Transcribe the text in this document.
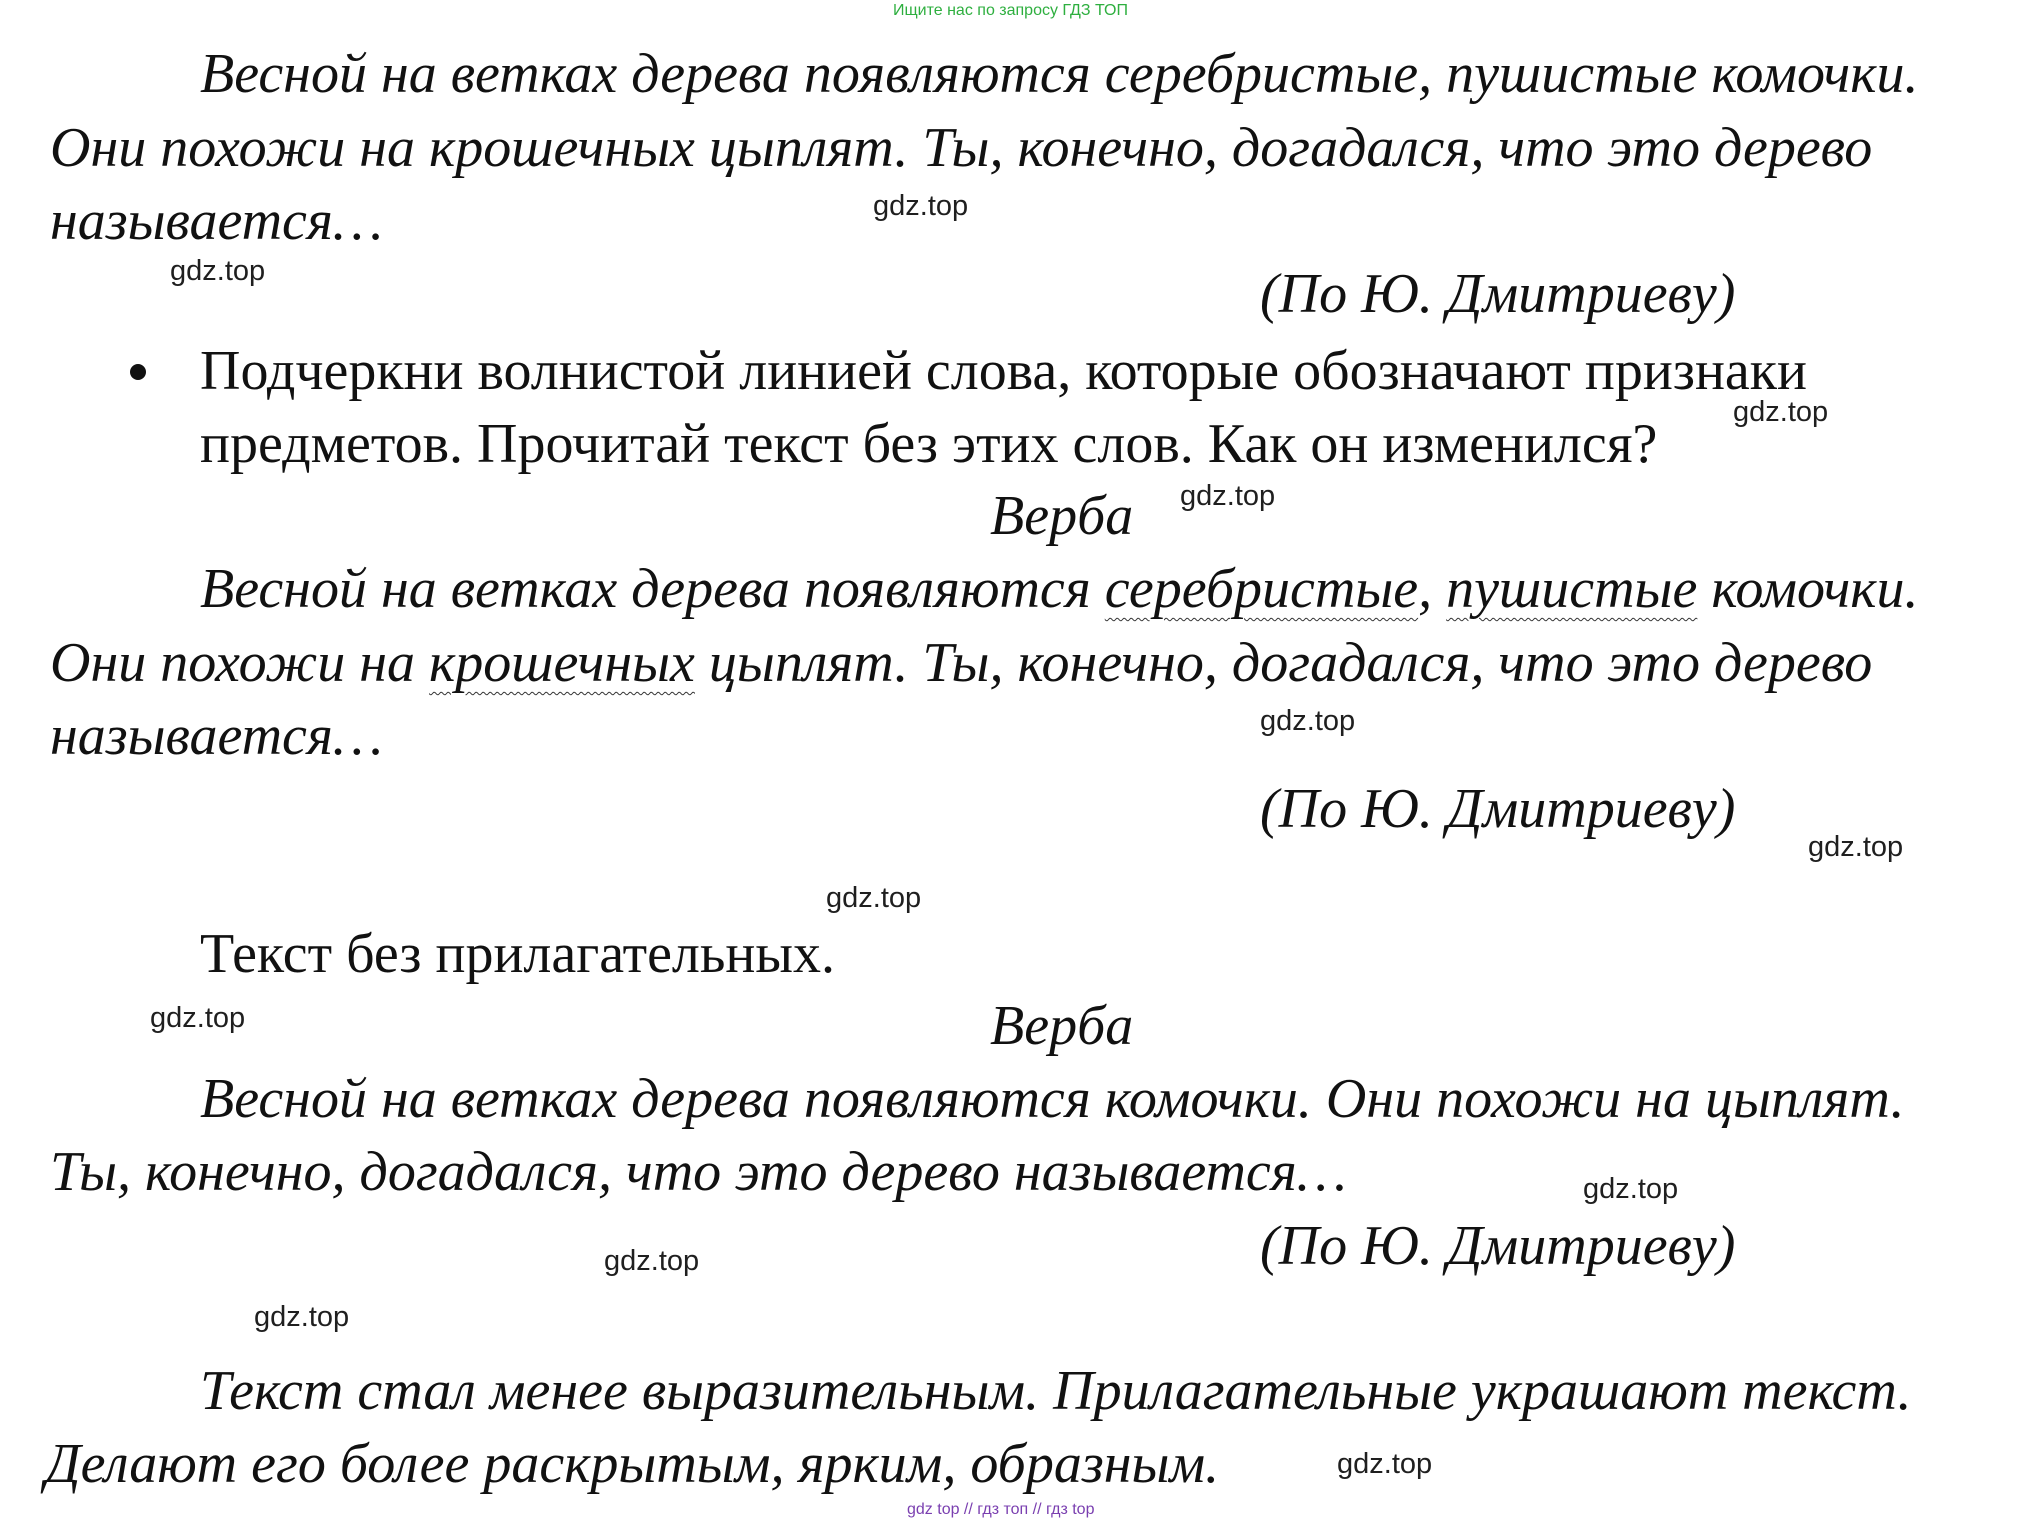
Ищите нас по запросу ГДЗ ТОП
Весной на ветках дерева появляются серебристые, пушистые комочки.
Они похожи на крошечных цыплят. Ты, конечно, догадался, что это дерево
называется…
(По Ю. Дмитриеву)
Подчеркни волнистой линией слова, которые обозначают признаки
предметов. Прочитай текст без этих слов. Как он изменился?
Верба
Весной на ветках дерева появляются серебристые, пушистые комочки.
Они похожи на крошечных цыплят. Ты, конечно, догадался, что это дерево
называется…
(По Ю. Дмитриеву)
Текст без прилагательных.
Верба
Весной на ветках дерева появляются комочки. Они похожи на цыплят.
Ты, конечно, догадался, что это дерево называется…
(По Ю. Дмитриеву)
Текст стал менее выразительным. Прилагательные украшают текст.
Делают его более раскрытым, ярким, образным.
gdz.top
gdz.top
gdz.top
gdz.top
gdz.top
gdz.top
gdz.top
gdz.top
gdz.top
gdz.top
gdz.top
gdz.top
gdz top // гдз топ // гдз top
